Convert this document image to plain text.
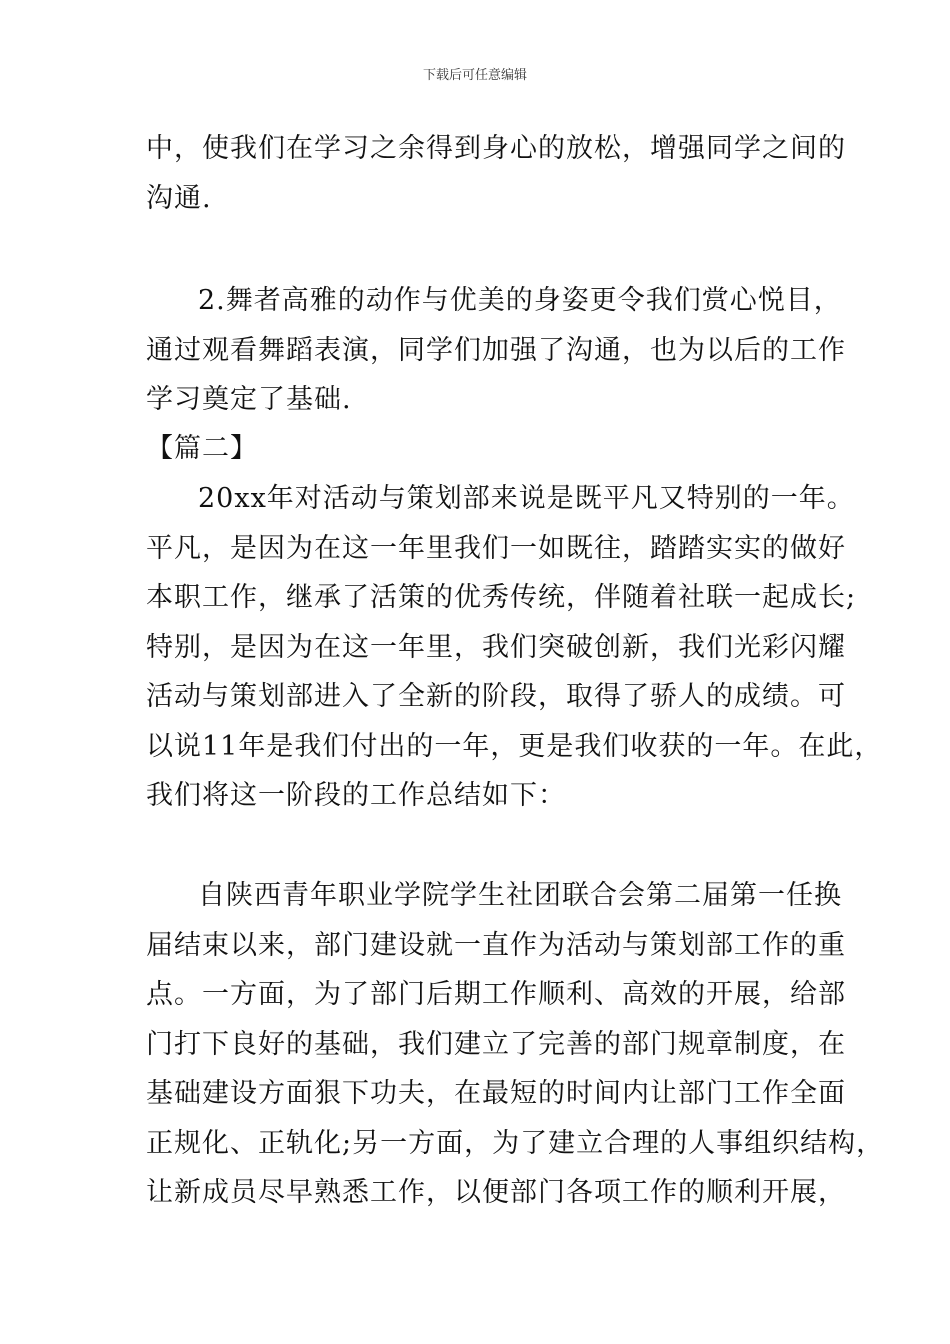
下载后可任意编辑
中，使我们在学习之余得到身心的放松，增强同学之间的
沟通.
2.舞者高雅的动作与优美的身姿更令我们赏心悦目，
通过观看舞蹈表演，同学们加强了沟通，也为以后的工作
学习奠定了基础.
【篇二】
20xx年对活动与策划部来说是既平凡又特别的一年。
平凡，是因为在这一年里我们一如既往，踏踏实实的做好
本职工作，继承了活策的优秀传统，伴随着社联一起成长;
特别，是因为在这一年里，我们突破创新，我们光彩闪耀
活动与策划部进入了全新的阶段，取得了骄人的成绩。可
以说11年是我们付出的一年，更是我们收获的一年。在此，
我们将这一阶段的工作总结如下：
自陕西青年职业学院学生社团联合会第二届第一任换
届结束以来，部门建设就一直作为活动与策划部工作的重
点。一方面，为了部门后期工作顺利、高效的开展，给部
门打下良好的基础，我们建立了完善的部门规章制度，在
基础建设方面狠下功夫，在最短的时间内让部门工作全面
正规化、正轨化;另一方面，为了建立合理的人事组织结构，
让新成员尽早熟悉工作，以便部门各项工作的顺利开展，
